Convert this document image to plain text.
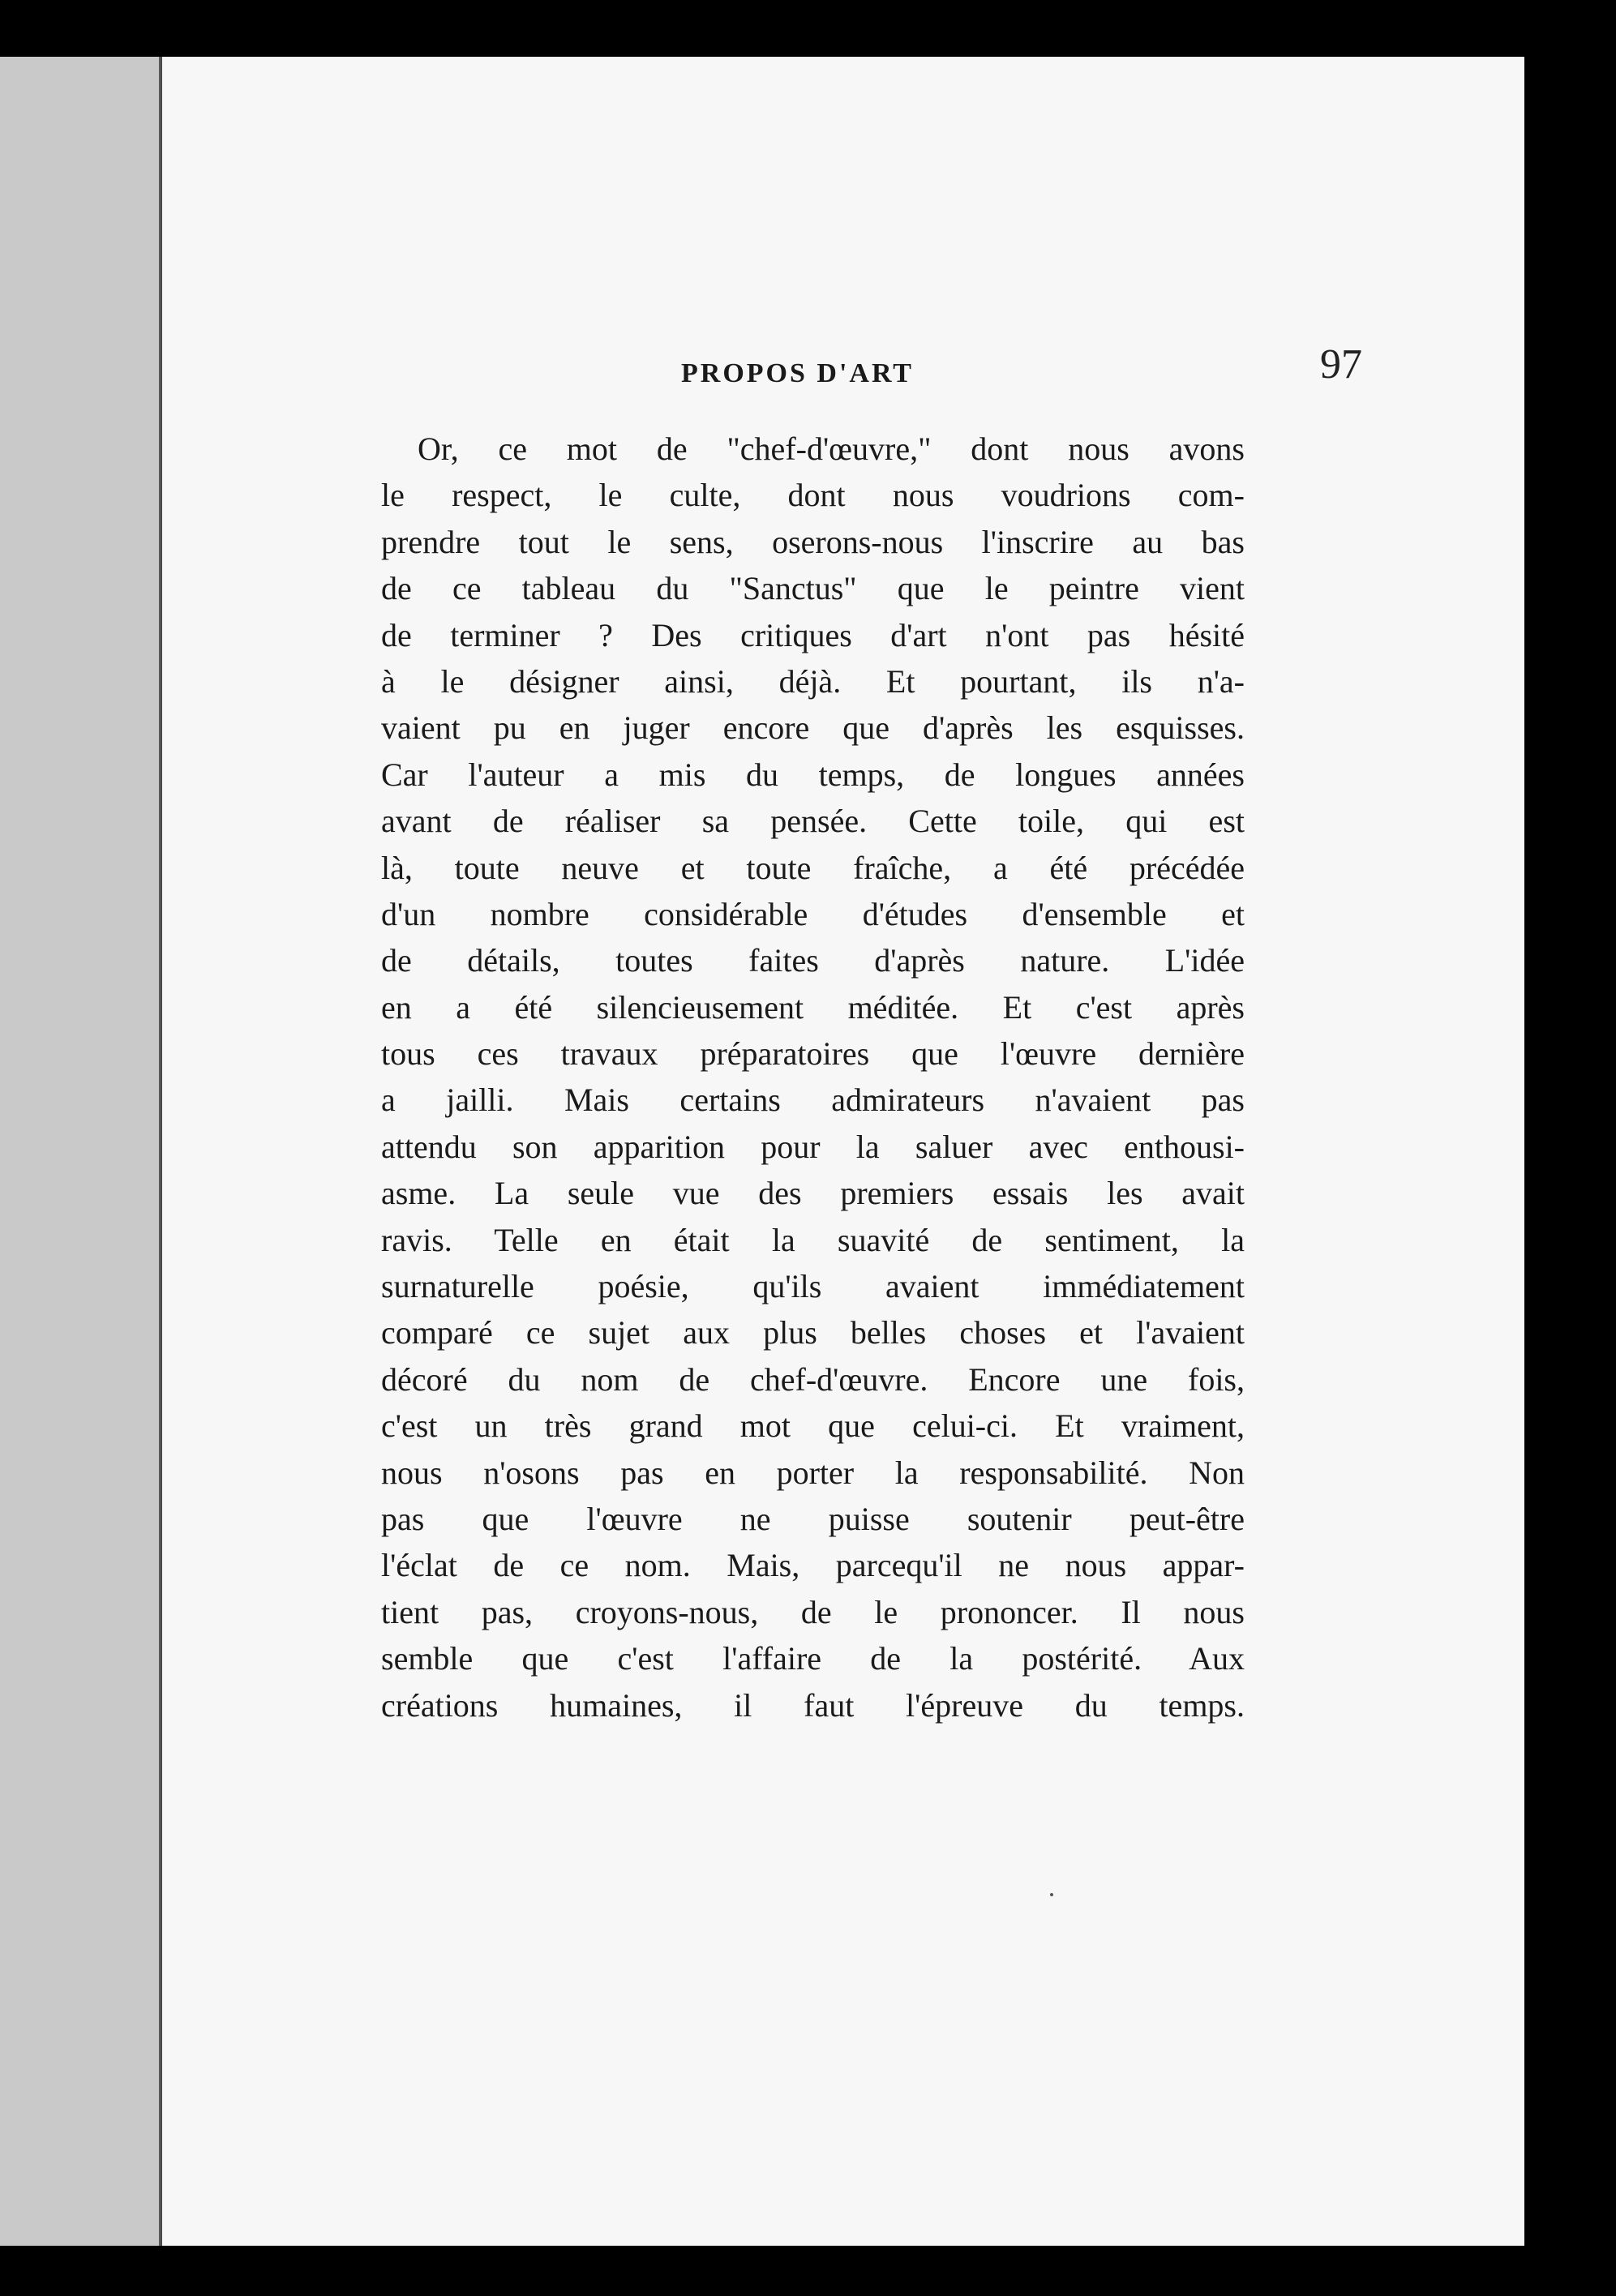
PROPOS D'ART	97
Or, ce mot de "chef-d'œuvre," dont nous avons
le respect, le culte, dont nous voudrions com-
prendre tout le sens, oserons-nous l'inscrire au bas
de ce tableau du "Sanctus" que le peintre vient
de terminer ? Des critiques d'art n'ont pas hésité
à le désigner ainsi, déjà. Et pourtant, ils n'a-
vaient pu en juger encore que d'après les esquisses.
Car l'auteur a mis du temps, de longues années
avant de réaliser sa pensée. Cette toile, qui est
là, toute neuve et toute fraîche, a été précédée
d'un nombre considérable d'études d'ensemble et
de détails, toutes faites d'après nature. L'idée
en a été silencieusement méditée. Et c'est après
tous ces travaux préparatoires que l'œuvre dernière
a jailli. Mais certains admirateurs n'avaient pas
attendu son apparition pour la saluer avec enthousi-
asme. La seule vue des premiers essais les avait
ravis. Telle en était la suavité de sentiment, la
surnaturelle poésie, qu'ils avaient immédiatement
comparé ce sujet aux plus belles choses et l'avaient
décoré du nom de chef-d'œuvre. Encore une fois,
c'est un très grand mot que celui-ci. Et vraiment,
nous n'osons pas en porter la responsabilité. Non
pas que l'œuvre ne puisse soutenir peut-être
l'éclat de ce nom. Mais, parcequ'il ne nous appar-
tient pas, croyons-nous, de le prononcer. Il nous
semble que c'est l'affaire de la postérité. Aux
créations humaines, il faut l'épreuve du temps.
